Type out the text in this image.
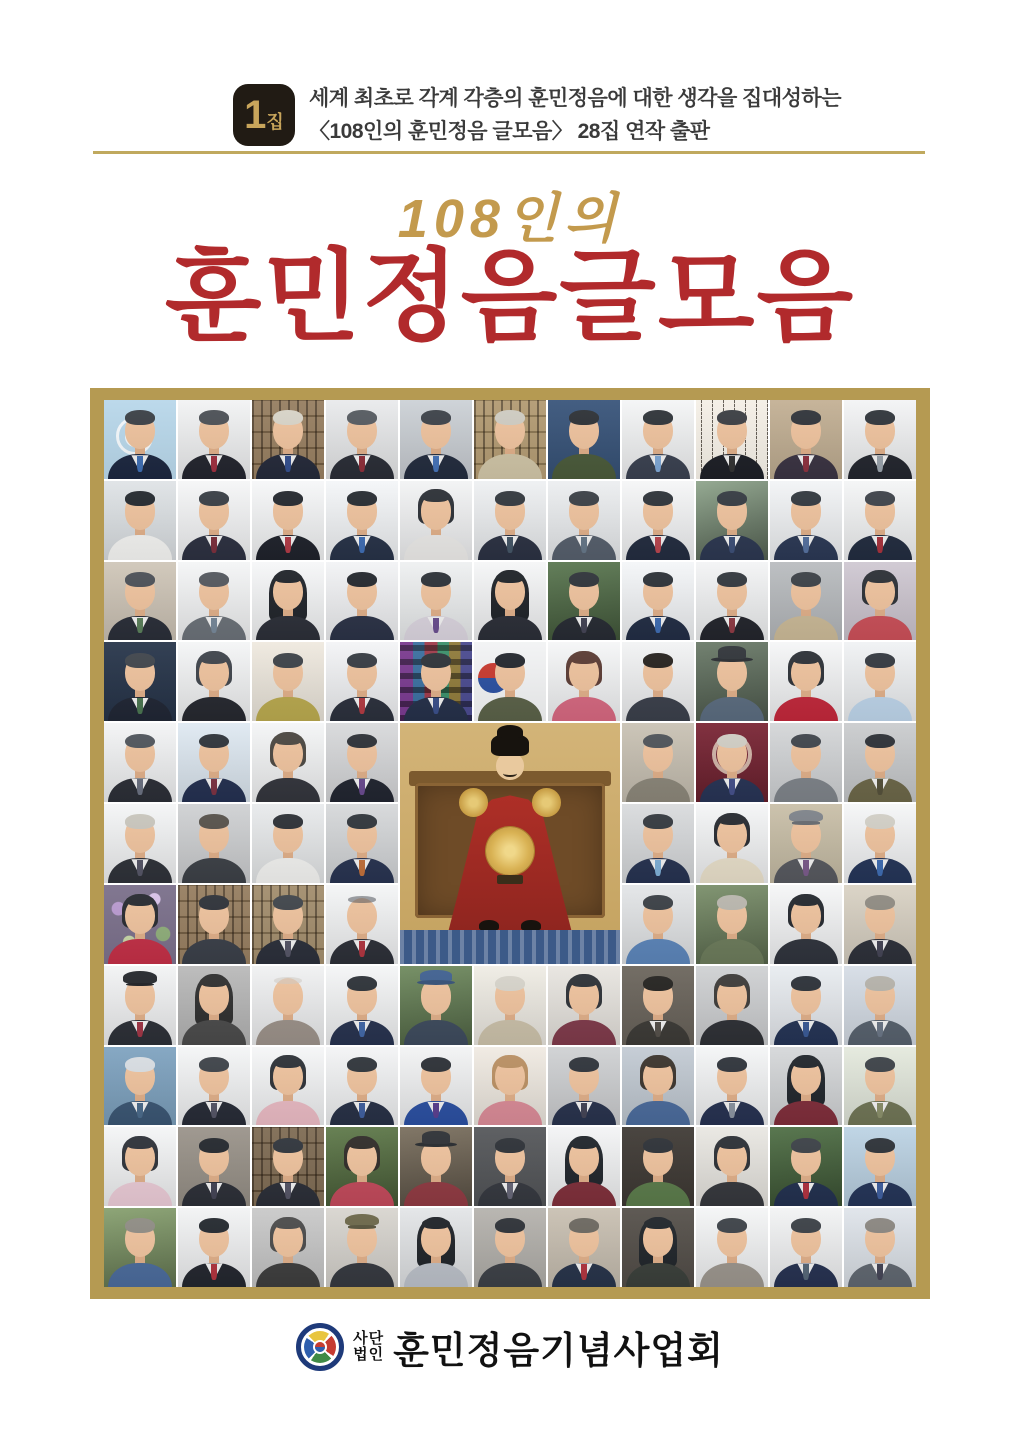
1 집
세계 최초로 각계 각층의 훈민정음에 대한 생각을 집대성하는
〈108인의 훈민정음 글모음〉 28집 연작 출판
108인의
훈민정음글모음
사단
법인 훈민정음기념사업회
